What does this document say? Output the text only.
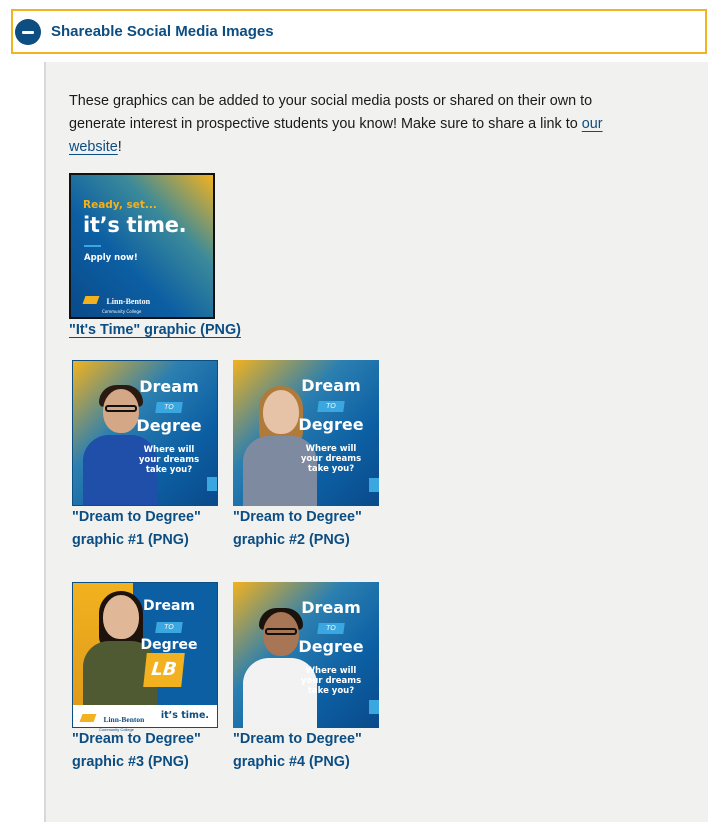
Shareable Social Media Images

These graphics can be added to your social media posts or shared on their own to generate interest in prospective students you know! Make sure to share a link to our website!

Ready, set...
it’s time.
Apply now!
Linn-Benton
Community College
"It's Time" graphic (PNG)
Dream
TO
Degree
Where will your dreams take you?
"Dream to Degree"
graphic #1 (PNG)
Dream
TO
Degree
Where will your dreams take you?
"Dream to Degree"
graphic #2 (PNG)
Dream
TO
Degree
LB
Linn-Benton
Community College
it’s time.
"Dream to Degree"
graphic #3 (PNG)
Dream
TO
Degree
Where will your dreams take you?
"Dream to Degree"
graphic #4 (PNG)
